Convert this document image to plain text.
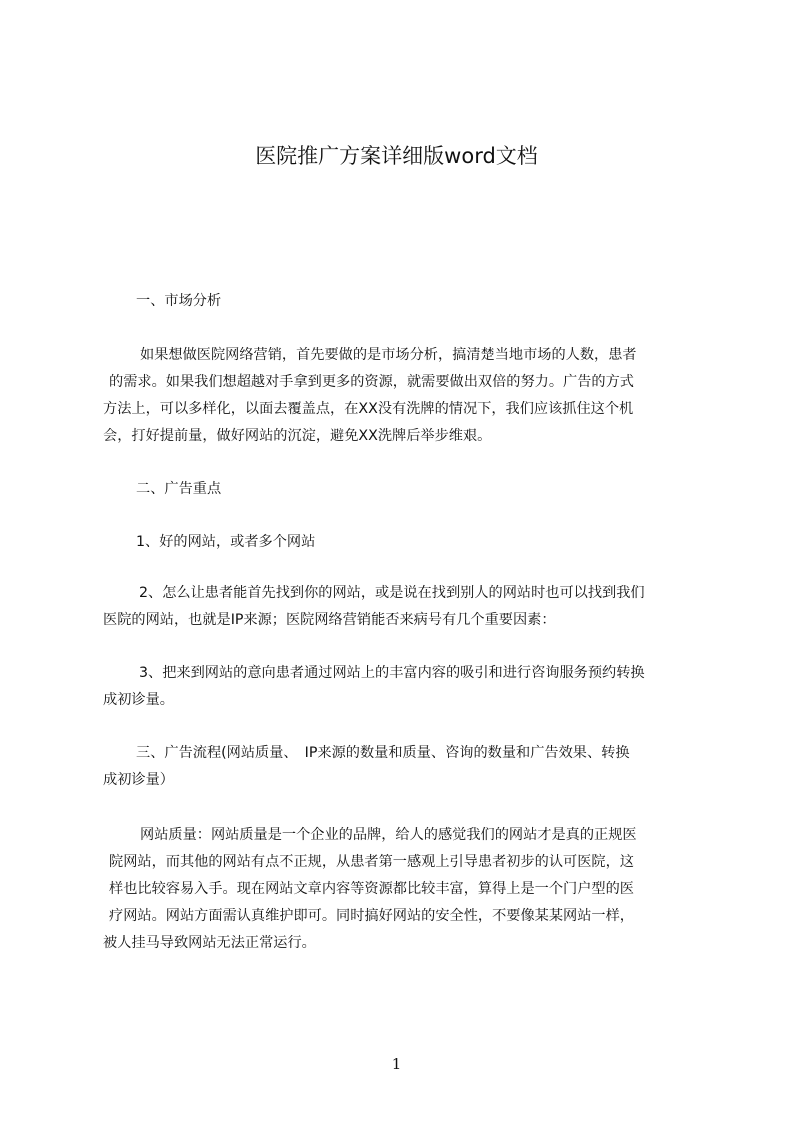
医院推广方案详细版word文档
一、市场分析
如果想做医院网络营销，首先要做的是市场分析，搞清楚当地市场的人数，患者
的需求。如果我们想超越对手拿到更多的资源，就需要做出双倍的努力。广告的方式
方法上，可以多样化，以面去覆盖点，在XX没有洗牌的情况下，我们应该抓住这个机
会，打好提前量，做好网站的沉淀，避免XX洗牌后举步维艰。
二、广告重点
1、好的网站，或者多个网站
2、怎么让患者能首先找到你的网站，或是说在找到别人的网站时也可以找到我们
医院的网站，也就是IP来源；医院网络营销能否来病号有几个重要因素：
3、把来到网站的意向患者通过网站上的丰富内容的吸引和进行咨询服务预约转换
成初诊量。
三、广告流程(网站质量、　IP来源的数量和质量、咨询的数量和广告效果、转换
成初诊量）
网站质量：网站质量是一个企业的品牌，给人的感觉我们的网站才是真的正规医
院网站，而其他的网站有点不正规，从患者第一感观上引导患者初步的认可医院，这
样也比较容易入手。现在网站文章内容等资源都比较丰富，算得上是一个门户型的医
疗网站。网站方面需认真维护即可。同时搞好网站的安全性，不要像某某网站一样，
被人挂马导致网站无法正常运行。
1
